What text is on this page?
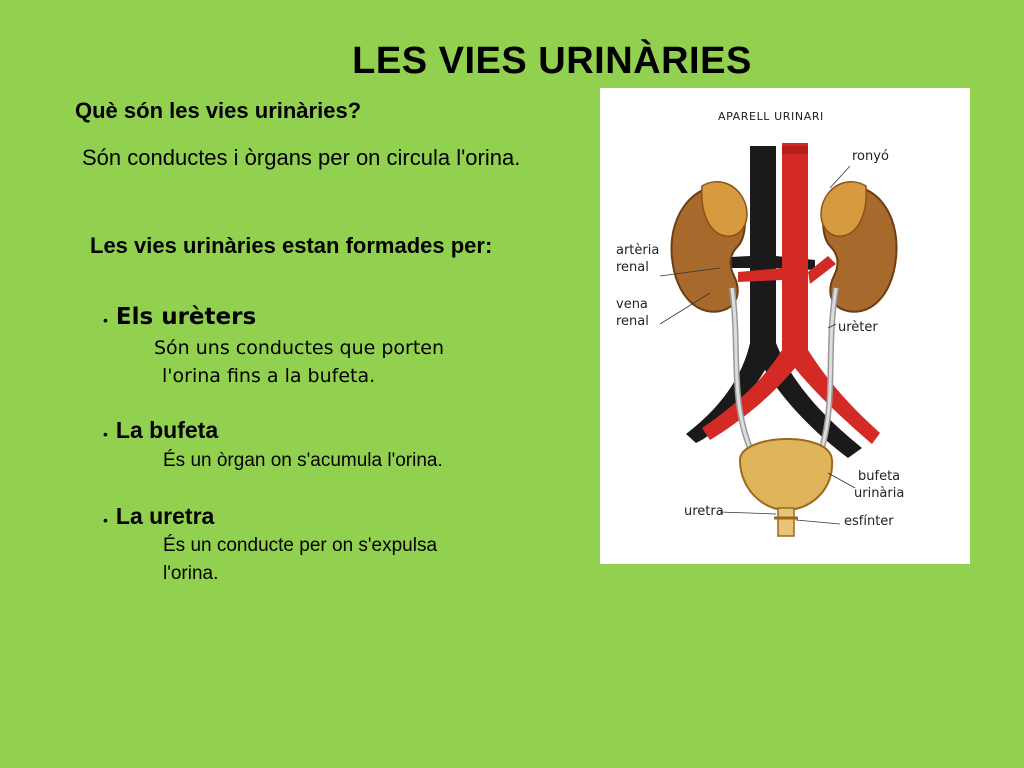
LES VIES URINÀRIES
Què són les vies urinàries?
Són conductes i òrgans per on circula l'orina.
Les vies urinàries estan formades per:
• Els urèters
Són uns conductes que porten
l'orina fins a la bufeta.
• La bufeta
És un òrgan on s'acumula l'orina.
• La uretra
És un conducte per on s'expulsa
l'orina.
APARELL URINARI
ronyó
artèria
renal
vena
renal	urèter
bufeta
urinària
uretra
esfínter
